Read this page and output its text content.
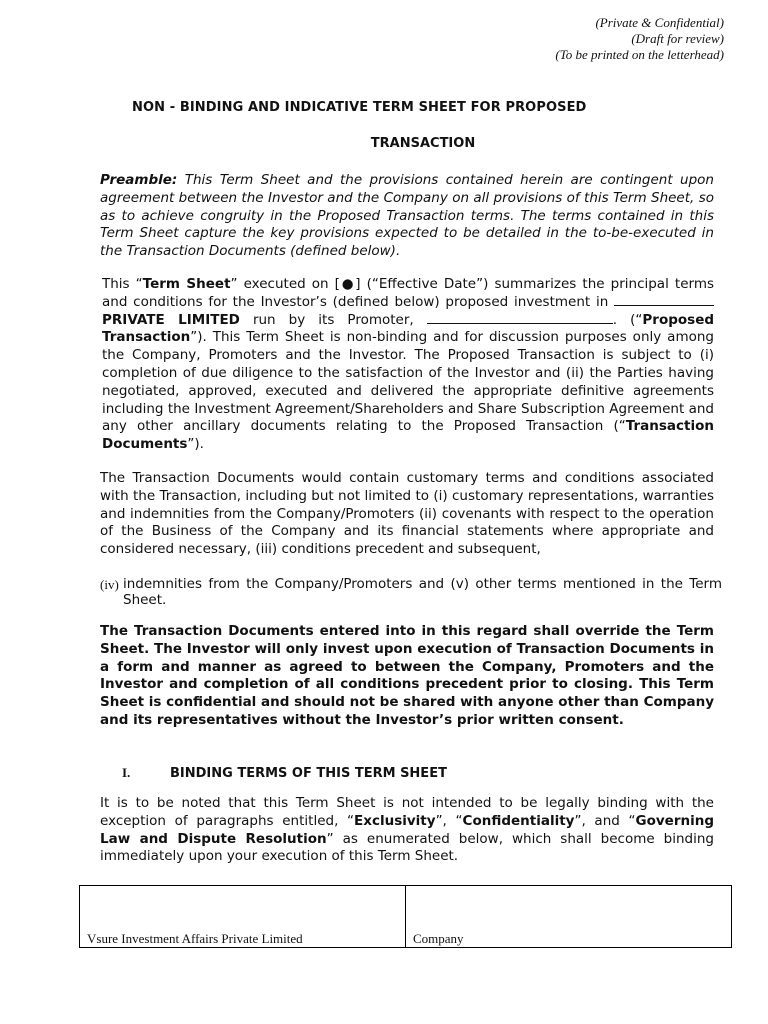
(Private & Confidential)
(Draft for review)
(To be printed on the letterhead)
NON - BINDING AND INDICATIVE TERM SHEET FOR PROPOSED
TRANSACTION

Preamble: This Term Sheet and the provisions contained herein are contingent upon agreement between the Investor and the Company on all provisions of this Term Sheet, so as to achieve congruity in the Proposed Transaction terms. The terms contained in this Term Sheet capture the key provisions expected to be detailed in the to-be-executed in the Transaction Documents (defined below).

This “Term Sheet” executed on [●] (“Effective Date”) summarizes the principal terms and conditions for the Investor’s (defined below) proposed investment in  PRIVATE LIMITED run by its Promoter,	. (“Proposed Transaction”). This Term Sheet is non-binding and for discussion purposes only among the Company, Promoters and the Investor. The Proposed Transaction is subject to (i) completion of due diligence to the satisfaction of the Investor and (ii) the Parties having negotiated, approved, executed and delivered the appropriate definitive agreements including the Investment Agreement/Shareholders and Share Subscription Agreement and any other ancillary documents relating to the Proposed Transaction (“Transaction Documents”).

The Transaction Documents would contain customary terms and conditions associated with the Transaction, including but not limited to (i) customary representations, warranties and indemnities from the Company/Promoters (ii) covenants with respect to the operation of the Business of the Company and its financial statements where appropriate and considered necessary, (iii) conditions precedent and subsequent,

(iv) indemnities from the Company/Promoters and (v) other terms mentioned in the Term Sheet.

The Transaction Documents entered into in this regard shall override the Term Sheet. The Investor will only invest upon execution of Transaction Documents in a form and manner as agreed to between the Company, Promoters and the Investor and completion of all conditions precedent prior to closing. This Term Sheet is confidential and should not be shared with anyone other than Company and its representatives without the Investor’s prior written consent.

I.	BINDING TERMS OF THIS TERM SHEET

It is to be noted that this Term Sheet is not intended to be legally binding with the exception of paragraphs entitled, “Exclusivity”, “Confidentiality”, and “Governing Law and Dispute Resolution” as enumerated below, which shall become binding immediately upon your execution of this Term Sheet.

Vsure Investment Affairs Private Limited	Company
